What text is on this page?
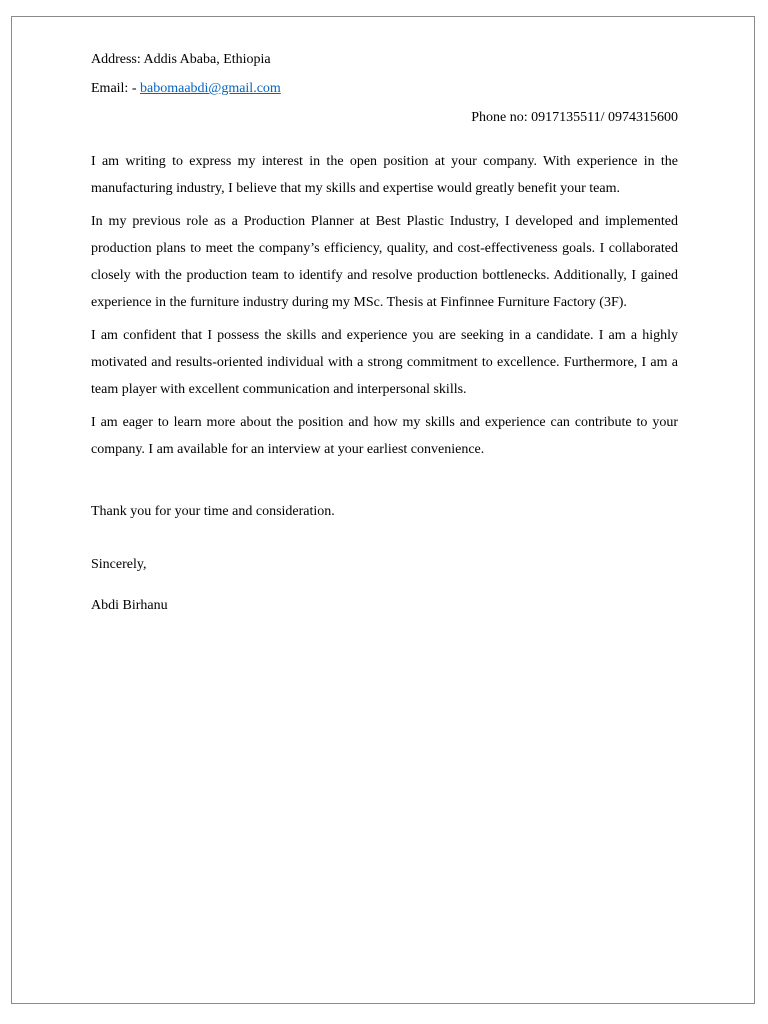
Address: Addis Ababa, Ethiopia

Email: - babomaabdi@gmail.com

Phone no: 0917135511/ 0974315600

I am writing to express my interest in the open position at your company. With experience in the manufacturing industry, I believe that my skills and expertise would greatly benefit your team.

In my previous role as a Production Planner at Best Plastic Industry, I developed and implemented production plans to meet the company’s efficiency, quality, and cost-effectiveness goals. I collaborated closely with the production team to identify and resolve production bottlenecks. Additionally, I gained experience in the furniture industry during my MSc. Thesis at Finfinnee Furniture Factory (3F).

I am confident that I possess the skills and experience you are seeking in a candidate. I am a highly motivated and results-oriented individual with a strong commitment to excellence. Furthermore, I am a team player with excellent communication and interpersonal skills.

I am eager to learn more about the position and how my skills and experience can contribute to your company. I am available for an interview at your earliest convenience.

Thank you for your time and consideration.

Sincerely,

Abdi Birhanu
